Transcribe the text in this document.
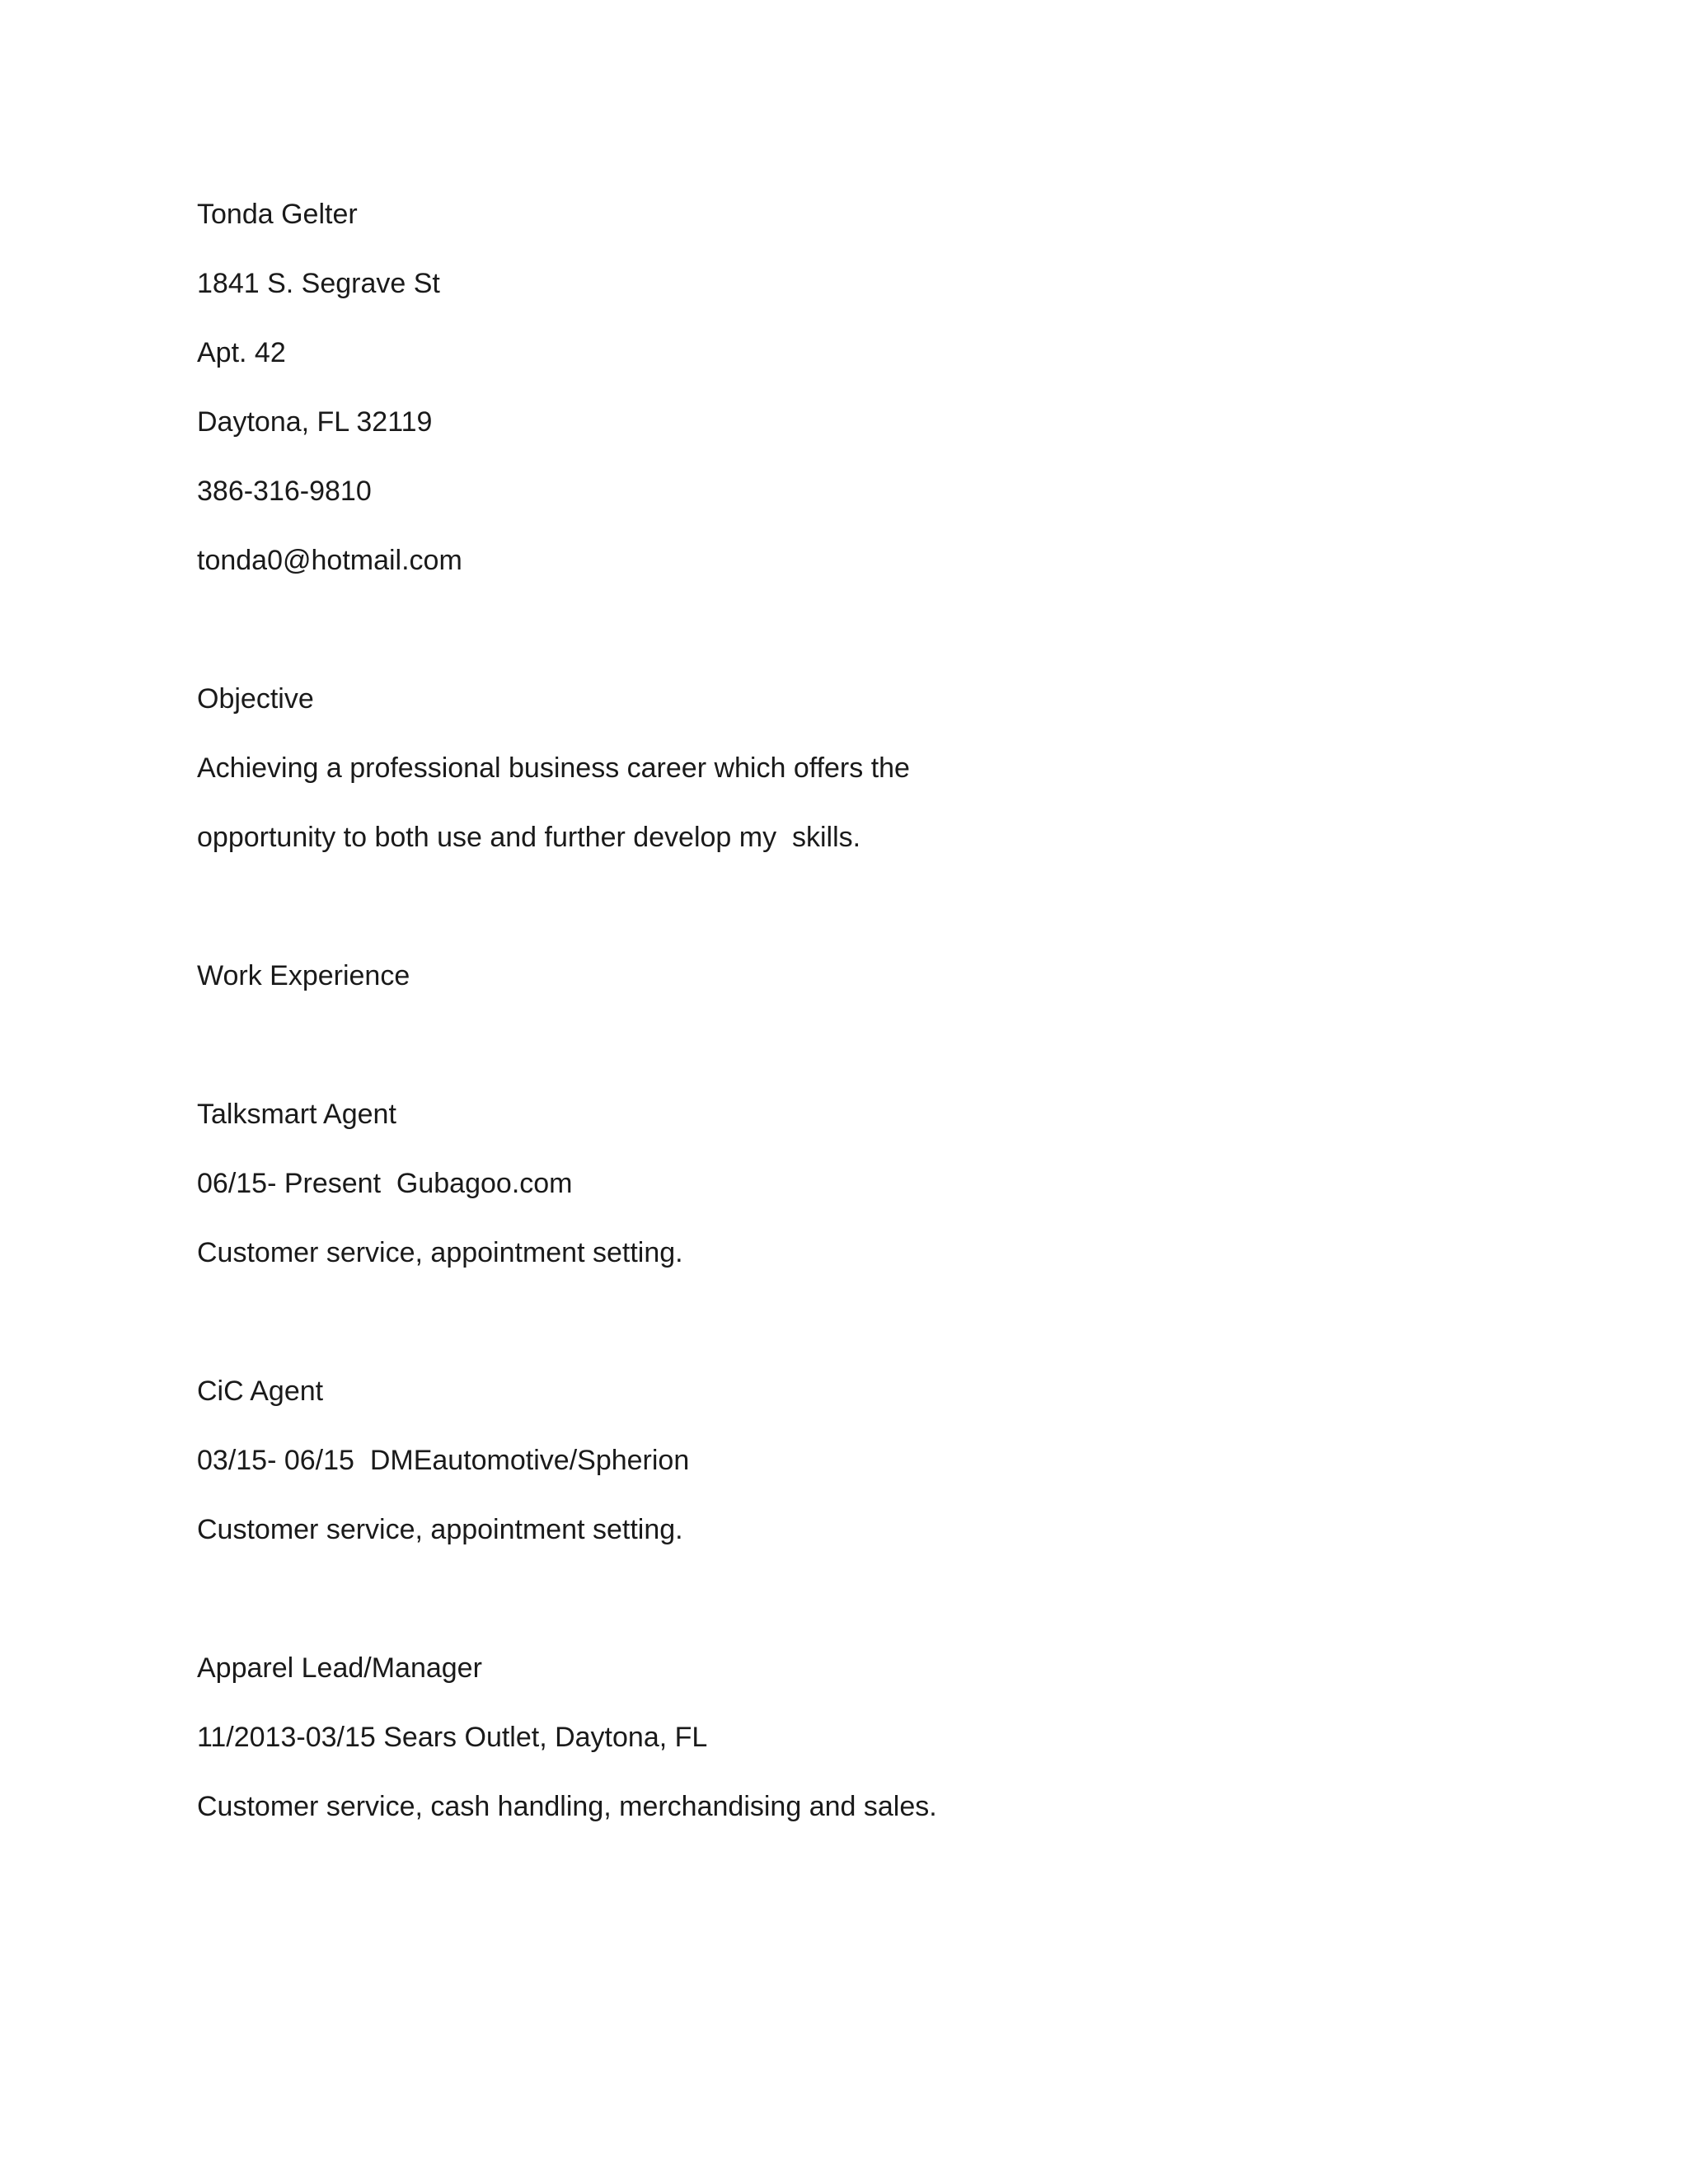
Tonda Gelter

1841 S. Segrave St

Apt. 42

Daytona, FL 32119

386-316-9810

tonda0@hotmail.com

Objective

Achieving a professional business career which offers the

opportunity to both use and further develop my  skills.

Work Experience

Talksmart Agent

06/15- Present  Gubagoo.com

Customer service, appointment setting.

CiC Agent

03/15- 06/15  DMEautomotive/Spherion

Customer service, appointment setting.

Apparel Lead/Manager

11/2013-03/15 Sears Outlet, Daytona, FL

Customer service, cash handling, merchandising and sales.
